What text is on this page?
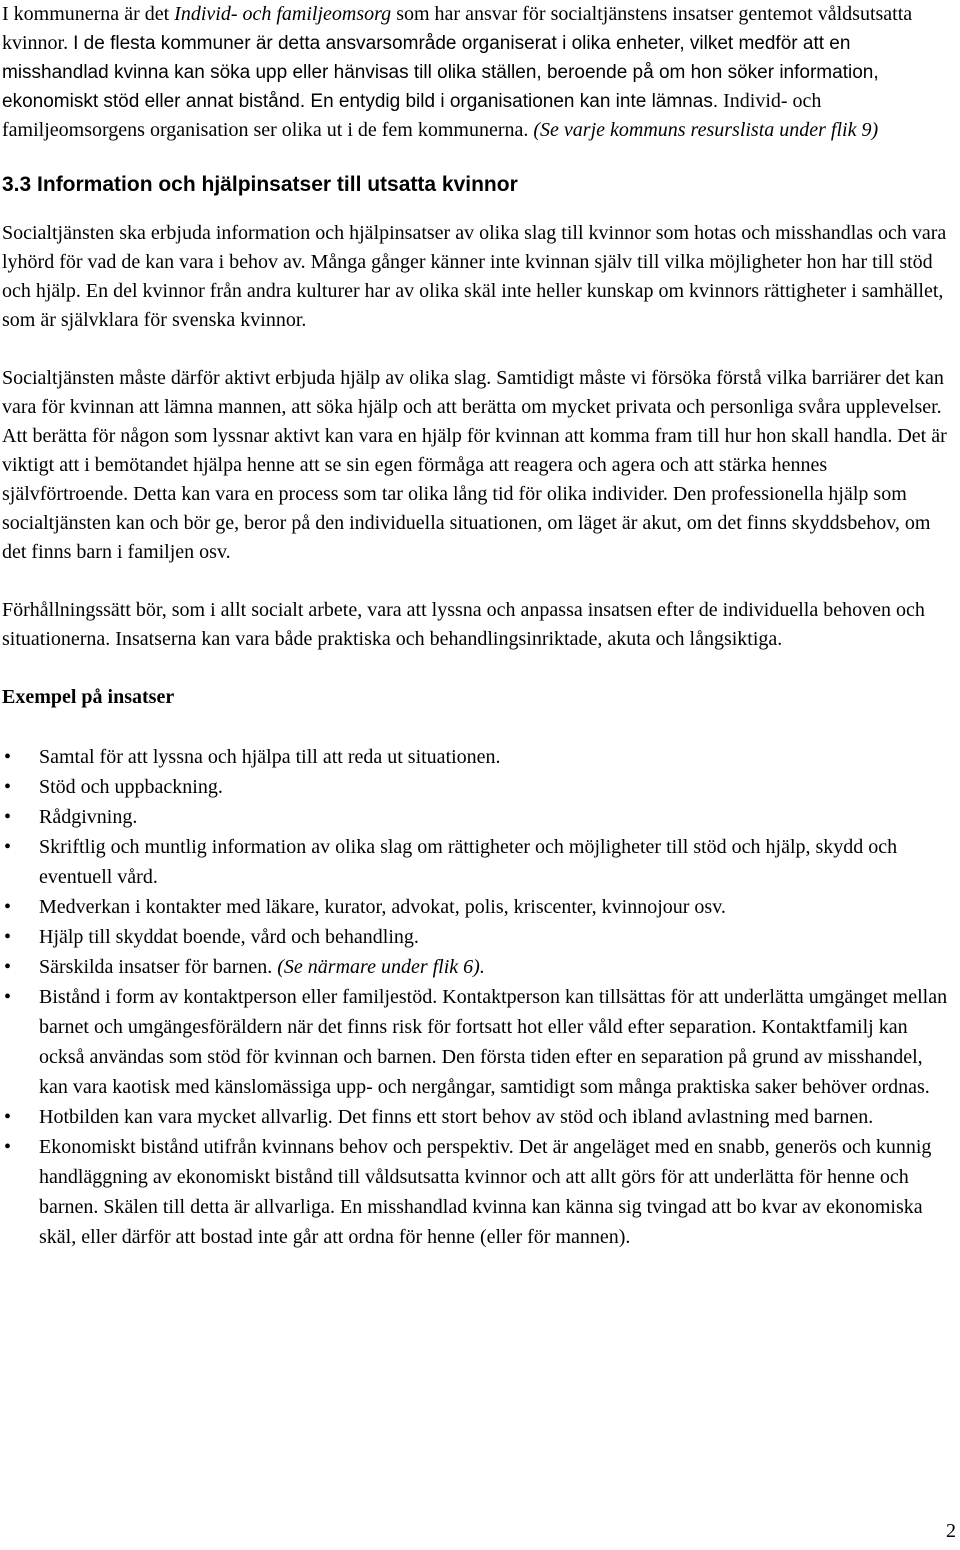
I kommunerna är det Individ- och familjeomsorg som har ansvar för socialtjänstens insatser gentemot våldsutsatta kvinnor. I de flesta kommuner är detta ansvarsområde organiserat i olika enheter, vilket medför att en misshandlad kvinna kan söka upp eller hänvisas till olika ställen, beroende på om hon söker information, ekonomiskt stöd eller annat bistånd. En entydig bild i organisationen kan inte lämnas. Individ- och familjeomsorgens organisation ser olika ut i de fem kommunerna. (Se varje kommuns resurslista under flik 9)

3.3 Information och hjälpinsatser till utsatta kvinnor

Socialtjänsten ska erbjuda information och hjälpinsatser av olika slag till kvinnor som hotas och misshandlas och vara lyhörd för vad de kan vara i behov av. Många gånger känner inte kvinnan själv till vilka möjligheter hon har till stöd och hjälp. En del kvinnor från andra kulturer har av olika skäl inte heller kunskap om kvinnors rättigheter i samhället, som är självklara för svenska kvinnor.

Socialtjänsten måste därför aktivt erbjuda hjälp av olika slag. Samtidigt måste vi försöka förstå vilka barriärer det kan vara för kvinnan att lämna mannen, att söka hjälp och att berätta om mycket privata och personliga svåra upplevelser. Att berätta för någon som lyssnar aktivt kan vara en hjälp för kvinnan att komma fram till hur hon skall handla. Det är viktigt att i bemötandet hjälpa henne att se sin egen förmåga att reagera och agera och att stärka hennes självförtroende. Detta kan vara en process som tar olika lång tid för olika individer. Den professionella hjälp som socialtjänsten kan och bör ge, beror på den individuella situationen, om läget är akut, om det finns skyddsbehov, om det finns barn i familjen osv.

Förhållningssätt bör, som i allt socialt arbete, vara att lyssna och anpassa insatsen efter de individuella behoven och situationerna. Insatserna kan vara både praktiska och behandlingsinriktade, akuta och långsiktiga.

Exempel på insatser

•	Samtal för att lyssna och hjälpa till att reda ut situationen.
•	Stöd och uppbackning.
•	Rådgivning.
•	Skriftlig och muntlig information av olika slag om rättigheter och möjligheter till stöd och hjälp, skydd och eventuell vård.
•	Medverkan i kontakter med läkare, kurator, advokat, polis, kriscenter, kvinnojour osv.
•	Hjälp till skyddat boende, vård och behandling.
•	Särskilda insatser för barnen. (Se närmare under flik 6).
•	Bistånd i form av kontaktperson eller familjestöd. Kontaktperson kan tillsättas för att underlätta umgänget mellan barnet och umgängesföräldern när det finns risk för fortsatt hot eller våld efter separation. Kontaktfamilj kan också användas som stöd för kvinnan och barnen. Den första tiden efter en separation på grund av misshandel, kan vara kaotisk med känslomässiga upp- och nergångar, samtidigt som många praktiska saker behöver ordnas.
•	Hotbilden kan vara mycket allvarlig. Det finns ett stort behov av stöd och ibland avlastning med barnen.
•	Ekonomiskt bistånd utifrån kvinnans behov och perspektiv. Det är angeläget med en snabb, generös och kunnig handläggning av ekonomiskt bistånd till våldsutsatta kvinnor och att allt görs för att underlätta för henne och barnen. Skälen till detta är allvarliga. En misshandlad kvinna kan känna sig tvingad att bo kvar av ekonomiska skäl, eller därför att bostad inte går att ordna för henne (eller för mannen).
2
